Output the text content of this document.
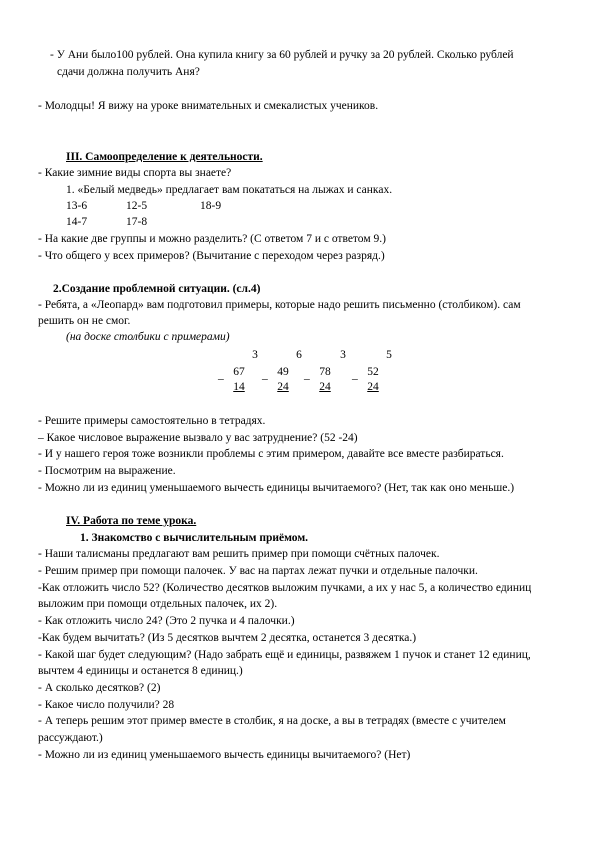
- У Ани было100 рублей. Она купила книгу за 60 рублей и ручку за 20 рублей. Сколько рублей
сдачи должна получить Аня?
- Молодцы! Я вижу на уроке внимательных и смекалистых учеников.
III. Самоопределение к деятельности.
- Какие зимние виды спорта вы знаете?
1. «Белый медведь» предлагает вам покататься на лыжах и санках.
13-6	12-5	18-9
14-7	17-8
- На какие две группы и можно разделить? (С ответом 7 и с ответом 9.)
- Что общего у всех примеров? (Вычитание с переходом через разряд.)
2.Создание проблемной ситуации. (сл.4)
- Ребята, а «Леопард» вам подготовил примеры, которые надо решить письменно (столбиком). сам
решить он не смог.
(на доске столбики с примерами)
3	6	3	5
67	49	78	52
_	_	_	_
14	24	24	24
- Решите примеры самостоятельно в тетрадях.
– Какое числовое выражение вызвало у вас затруднение? (52 -24)
- И у нашего героя тоже возникли проблемы с этим примером, давайте все вместе разбираться.
- Посмотрим на выражение.
- Можно ли из единиц уменьшаемого вычесть единицы вычитаемого? (Нет, так как оно меньше.)
IV. Работа по теме урока.
1. Знакомство с вычислительным приёмом.
- Наши талисманы предлагают вам решить пример при помощи счётных палочек.
- Решим пример при помощи палочек. У вас на партах лежат пучки и отдельные палочки.
-Как отложить число 52? (Количество десятков выложим пучками, а их у нас 5, а количество единиц
выложим при помощи отдельных палочек, их 2).
- Как отложить число 24? (Это 2 пучка и 4 палочки.)
-Как будем вычитать? (Из 5 десятков вычтем 2 десятка, останется 3 десятка.)
- Какой шаг будет следующим? (Надо забрать ещё и единицы, развяжем 1 пучок и станет 12 единиц,
вычтем 4 единицы и останется 8 единиц.)
- А сколько десятков? (2)
- Какое число получили? 28
- А теперь решим этот пример вместе в столбик, я на доске, а вы в тетрадях (вместе с учителем
рассуждают.)
- Можно ли из единиц уменьшаемого вычесть единицы вычитаемого? (Нет)
